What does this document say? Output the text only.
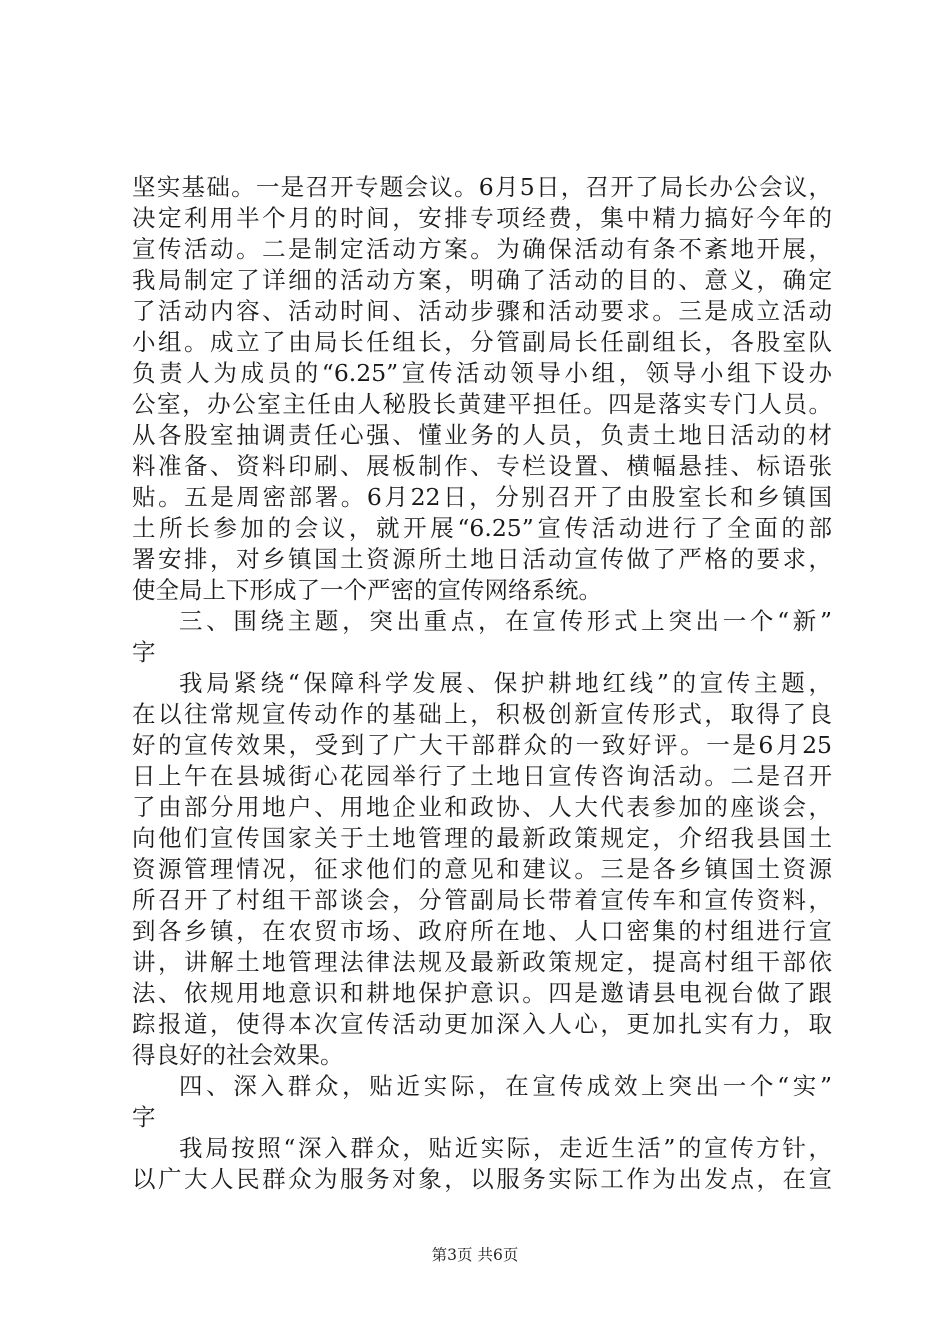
坚实基础。一是召开专题会议。6月5日，召开了局长办公会议，
决定利用半个月的时间，安排专项经费，集中精力搞好今年的
宣传活动。二是制定活动方案。为确保活动有条不紊地开展，
我局制定了详细的活动方案，明确了活动的目的、意义，确定
了活动内容、活动时间、活动步骤和活动要求。三是成立活动
小组。成立了由局长任组长，分管副局长任副组长，各股室队
负责人为成员的“6.25”宣传活动领导小组，领导小组下设办
公室，办公室主任由人秘股长黄建平担任。四是落实专门人员。
从各股室抽调责任心强、懂业务的人员，负责土地日活动的材
料准备、资料印刷、展板制作、专栏设置、横幅悬挂、标语张
贴。五是周密部署。6月22日，分别召开了由股室长和乡镇国
土所长参加的会议，就开展“6.25”宣传活动进行了全面的部
署安排，对乡镇国土资源所土地日活动宣传做了严格的要求，
使全局上下形成了一个严密的宣传网络系统。
三、围绕主题，突出重点，在宣传形式上突出一个“新”
字
我局紧绕“保障科学发展、保护耕地红线”的宣传主题，
在以往常规宣传动作的基础上，积极创新宣传形式，取得了良
好的宣传效果，受到了广大干部群众的一致好评。一是6月25
日上午在县城街心花园举行了土地日宣传咨询活动。二是召开
了由部分用地户、用地企业和政协、人大代表参加的座谈会，
向他们宣传国家关于土地管理的最新政策规定，介绍我县国土
资源管理情况，征求他们的意见和建议。三是各乡镇国土资源
所召开了村组干部谈会，分管副局长带着宣传车和宣传资料，
到各乡镇，在农贸市场、政府所在地、人口密集的村组进行宣
讲，讲解土地管理法律法规及最新政策规定，提高村组干部依
法、依规用地意识和耕地保护意识。四是邀请县电视台做了跟
踪报道，使得本次宣传活动更加深入人心，更加扎实有力，取
得良好的社会效果。
四、深入群众，贴近实际，在宣传成效上突出一个“实”
字
我局按照“深入群众，贴近实际，走近生活”的宣传方针，
以广大人民群众为服务对象，以服务实际工作为出发点，在宣
第3页 共6页
